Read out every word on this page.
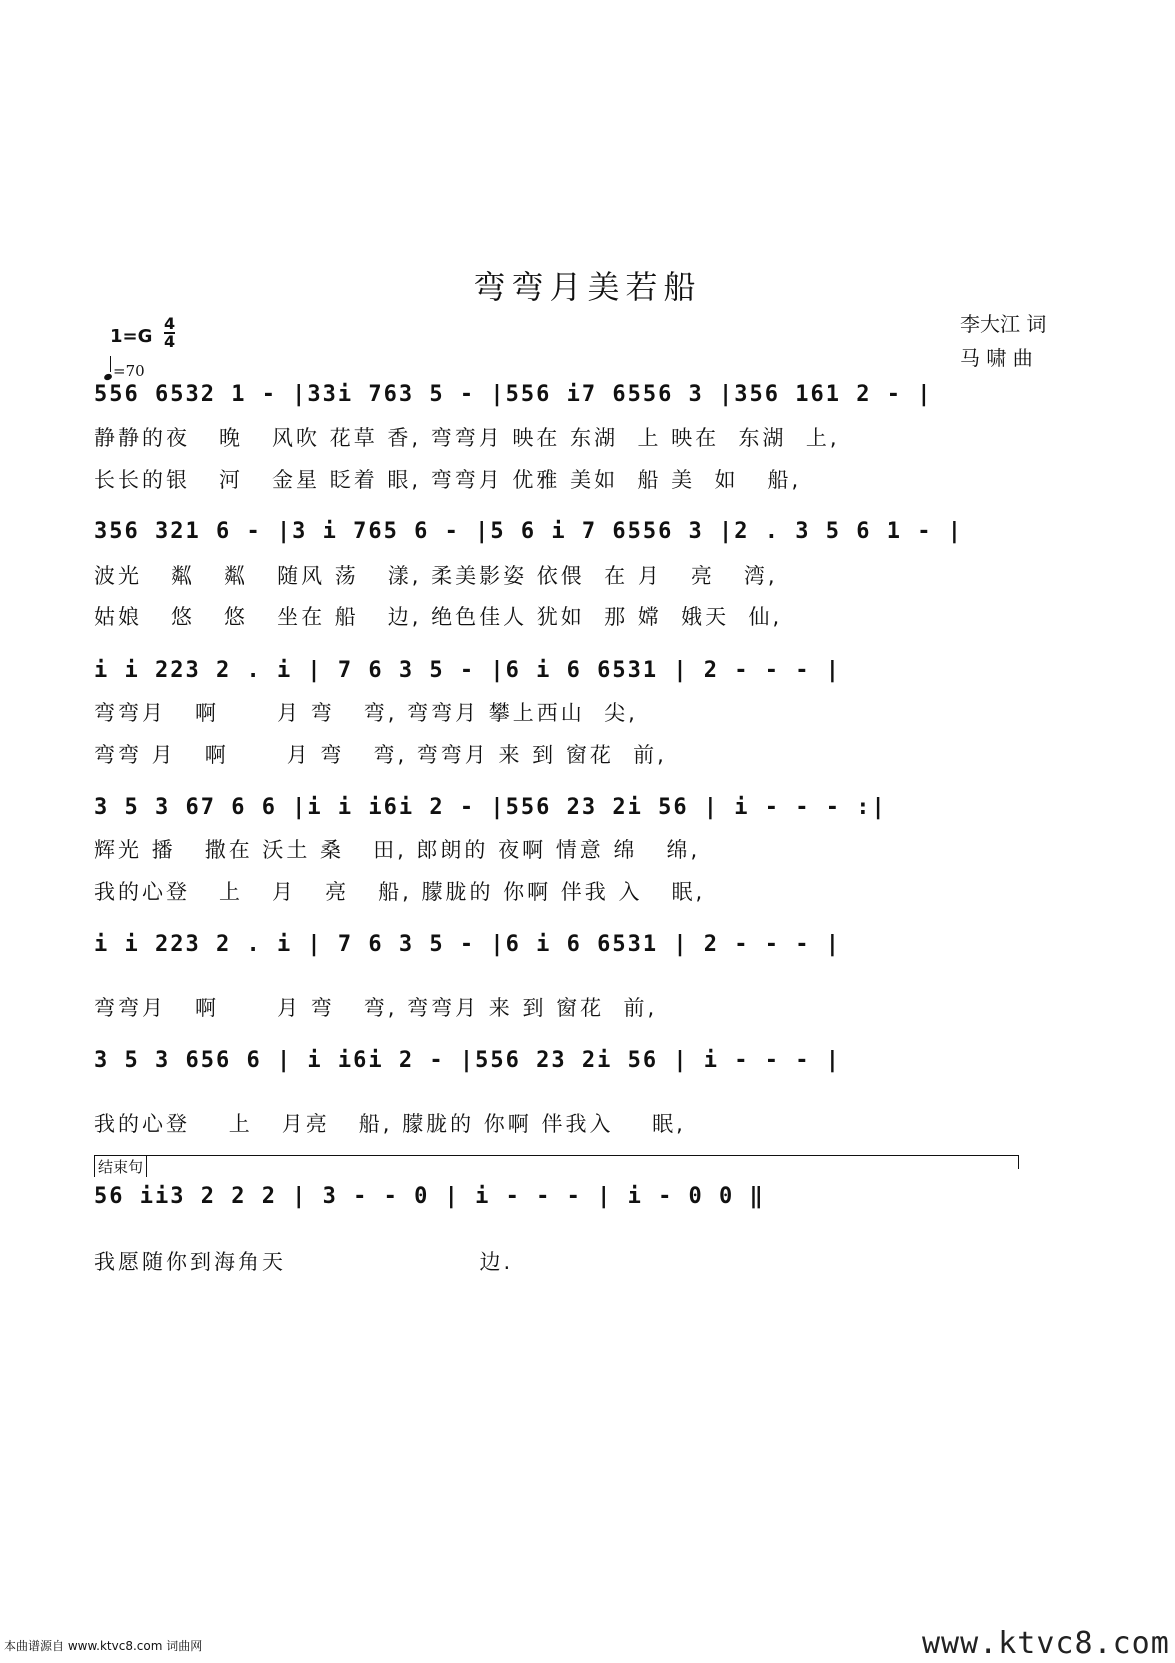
弯弯月美若船
1=G
4
4
=70
李大江 词
马 啸 曲
556 6532 1 - |33i 763 5 - |556 i7 6556 3 |356 161 2 - |
静静的夜   晚   风吹 花草 香, 弯弯月 映在 东湖  上 映在  东湖  上,
长长的银   河   金星 眨着 眼, 弯弯月 优雅 美如  船 美  如   船,
356 321 6 - |3 i 765 6 - |5 6 i 7 6556 3 |2 . 3 5 6 1 - |
波光   粼   粼   随风 荡   漾, 柔美影姿 依偎  在 月   亮   湾,
姑娘   悠   悠   坐在 船   边, 绝色佳人 犹如  那 嫦  娥天  仙,
i i 223 2 . i | 7 6 3 5 - |6 i 6 6531 | 2 - - - |
弯弯月   啊      月 弯   弯, 弯弯月 攀上西山  尖,
弯弯 月   啊      月 弯   弯, 弯弯月 来 到 窗花  前,
3 5 3 67 6 6 |i i i6i 2 - |556 23 2i 56 | i - - - :|
辉光 播   撒在 沃土 桑   田, 郎朗的 夜啊 情意 绵   绵,
我的心登   上   月   亮   船, 朦胧的 你啊 伴我 入   眠,
i i 223 2 . i | 7 6 3 5 - |6 i 6 6531 | 2 - - - |
弯弯月   啊      月 弯   弯, 弯弯月 来 到 窗花  前,
3 5 3 656 6 | i i6i 2 - |556 23 2i 56 | i - - - |
我的心登    上   月亮   船, 朦胧的 你啊 伴我入    眠,
结束句
56 ii3 2 2 2 | 3 - - 0 | i - - - | i - 0 0 ‖
我愿随你到海角天                    边.
本曲谱源自 www.ktvc8.com 词曲网	www.ktvc8.com
